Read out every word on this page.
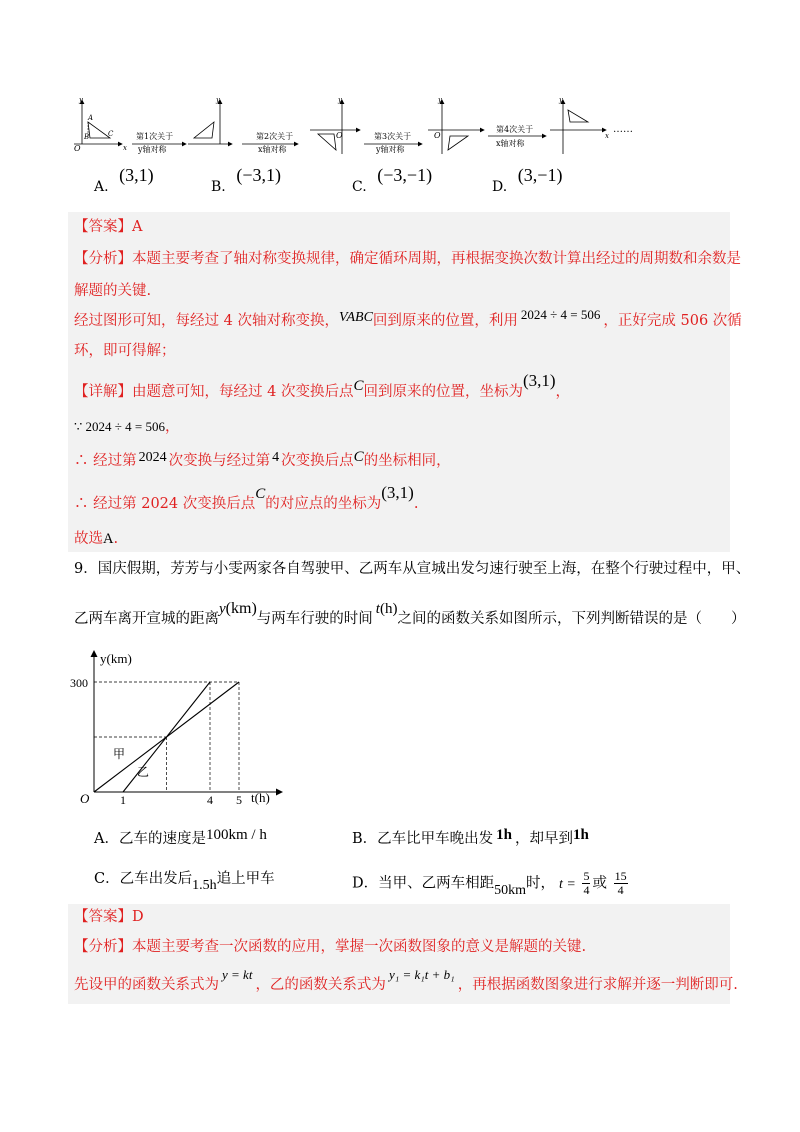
y
O	x
A
B	C	第1次关于
y轴对称
y
第2次关于
x轴对称
y
O	第3次关于
y轴对称
y
O
第4次关于
x轴对称
y
x
……
A. (3,1)
B. (−3,1)
C. (−3,−1)
D. (3,−1)
【答案】A
【分析】本题主要考查了轴对称变换规律，确定循环周期，再根据变换次数计算出经过的周期数和余数是
解题的关键.
经过图形可知，每经过 4 次轴对称变换，VABC回到原来的位置，利用 2024 ÷ 4 = 506 ，正好完成 506 次循
环，即可得解；
【详解】由题意可知，每经过 4 次变换后点C回到原来的位置，坐标为(3,1)，
∵ 2024 ÷ 4 = 506，
∴ 经过第 2024 次变换与经过第 4 次变换后点C的坐标相同，
∴ 经过第 2024 次变换后点C的对应点的坐标为(3,1).
故选A.
9．国庆假期，芳芳与小雯两家各自驾驶甲、乙两车从宣城出发匀速行驶至上海，在整个行驶过程中，甲、
乙两车离开宣城的距离y(km)与两车行驶的时间t(h)之间的函数关系如图所示，下列判断错误的是（　　）
y(km)
t(h)
O
300
1	4 5
甲
乙
A．乙车的速度是100km / h	B．乙车比甲车晚出发 1h ，却早到1h
C．乙车出发后1.5h追上甲车	D．当甲、乙两车相距50km时， $t = \frac{5}{4}$ 或 $\frac{15}{4}$
【答案】D
【分析】本题主要考查一次函数的应用，掌握一次函数图象的意义是解题的关键.
先设甲的函数关系式为y = kt，乙的函数关系式为y₁ = k₁t + b₁，再根据函数图象进行求解并逐一判断即可.
